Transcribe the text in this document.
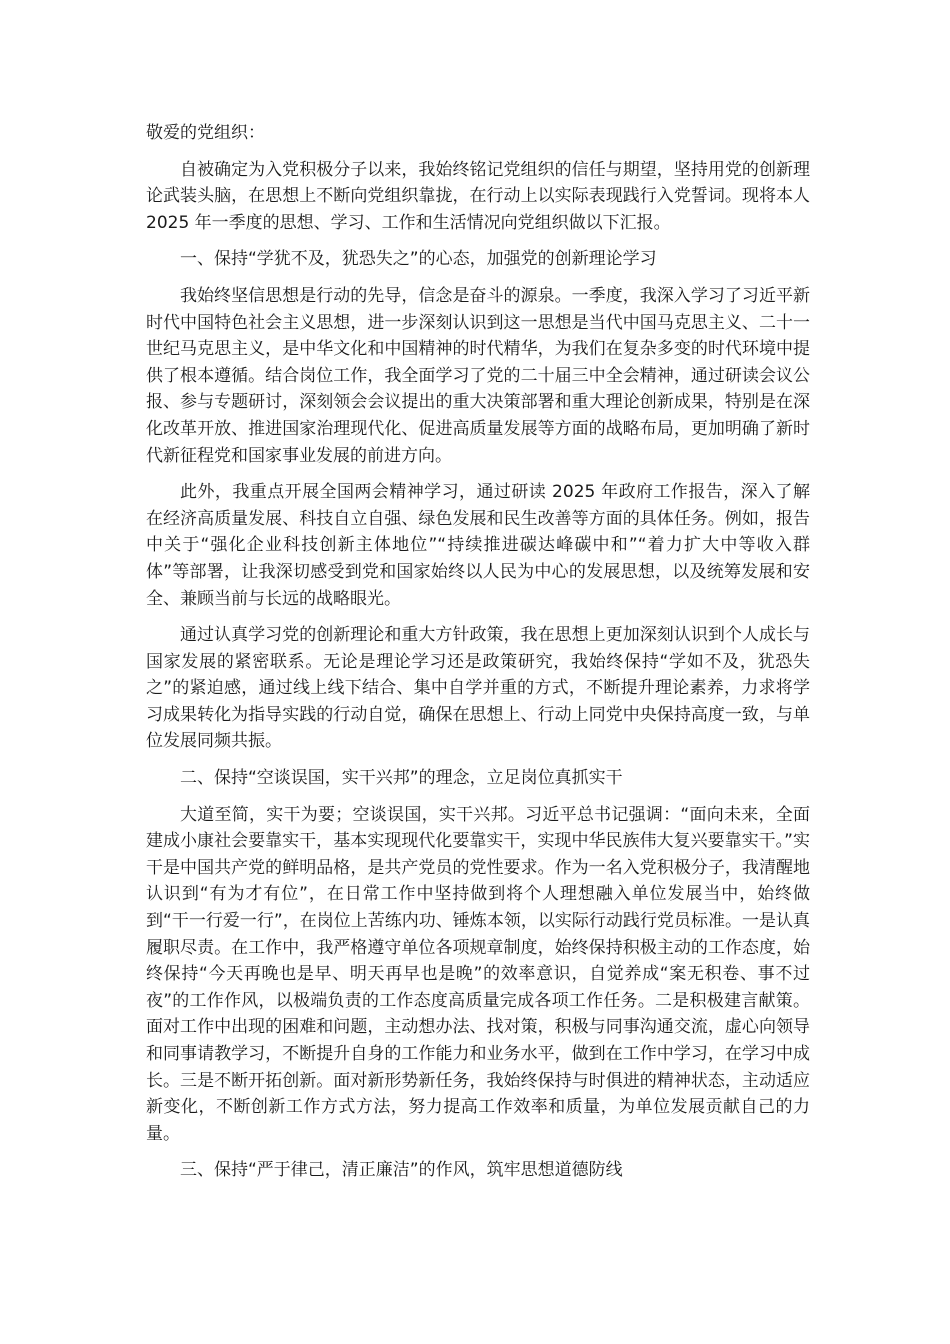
敬爱的党组织：

自被确定为入党积极分子以来，我始终铭记党组织的信任与期望，坚持用党的创新理论武装头脑，在思想上不断向党组织靠拢，在行动上以实际表现践行入党誓词。现将本人 2025 年一季度的思想、学习、工作和生活情况向党组织做以下汇报。

一、保持“学犹不及，犹恐失之”的心态，加强党的创新理论学习

我始终坚信思想是行动的先导，信念是奋斗的源泉。一季度，我深入学习了习近平新时代中国特色社会主义思想，进一步深刻认识到这一思想是当代中国马克思主义、二十一世纪马克思主义，是中华文化和中国精神的时代精华，为我们在复杂多变的时代环境中提供了根本遵循。结合岗位工作，我全面学习了党的二十届三中全会精神，通过研读会议公报、参与专题研讨，深刻领会会议提出的重大决策部署和重大理论创新成果，特别是在深化改革开放、推进国家治理现代化、促进高质量发展等方面的战略布局，更加明确了新时代新征程党和国家事业发展的前进方向。

此外，我重点开展全国两会精神学习，通过研读 2025 年政府工作报告，深入了解在经济高质量发展、科技自立自强、绿色发展和民生改善等方面的具体任务。例如，报告中关于“强化企业科技创新主体地位”“持续推进碳达峰碳中和”“着力扩大中等收入群体”等部署，让我深切感受到党和国家始终以人民为中心的发展思想，以及统筹发展和安全、兼顾当前与长远的战略眼光。

通过认真学习党的创新理论和重大方针政策，我在思想上更加深刻认识到个人成长与国家发展的紧密联系。无论是理论学习还是政策研究，我始终保持“学如不及，犹恐失之”的紧迫感，通过线上线下结合、集中自学并重的方式，不断提升理论素养，力求将学习成果转化为指导实践的行动自觉，确保在思想上、行动上同党中央保持高度一致，与单位发展同频共振。

二、保持“空谈误国，实干兴邦”的理念，立足岗位真抓实干

大道至简，实干为要；空谈误国，实干兴邦。习近平总书记强调：“面向未来，全面建成小康社会要靠实干，基本实现现代化要靠实干，实现中华民族伟大复兴要靠实干。”实干是中国共产党的鲜明品格，是共产党员的党性要求。作为一名入党积极分子，我清醒地认识到“有为才有位”，在日常工作中坚持做到将个人理想融入单位发展当中，始终做到“干一行爱一行”，在岗位上苦练内功、锤炼本领，以实际行动践行党员标准。一是认真履职尽责。在工作中，我严格遵守单位各项规章制度，始终保持积极主动的工作态度，始终保持“今天再晚也是早、明天再早也是晚”的效率意识，自觉养成“案无积卷、事不过夜”的工作作风，以极端负责的工作态度高质量完成各项工作任务。二是积极建言献策。面对工作中出现的困难和问题，主动想办法、找对策，积极与同事沟通交流，虚心向领导和同事请教学习，不断提升自身的工作能力和业务水平，做到在工作中学习，在学习中成长。三是不断开拓创新。面对新形势新任务，我始终保持与时俱进的精神状态，主动适应新变化，不断创新工作方式方法，努力提高工作效率和质量，为单位发展贡献自己的力量。

三、保持“严于律己，清正廉洁”的作风，筑牢思想道德防线
